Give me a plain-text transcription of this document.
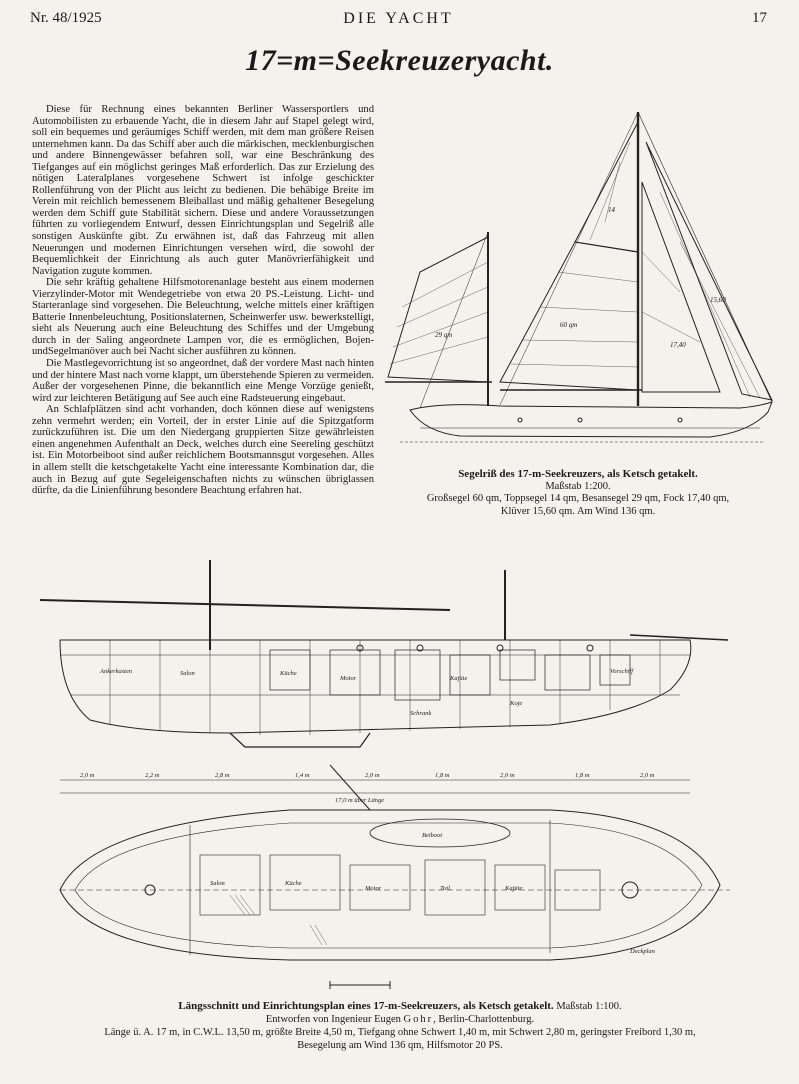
Nr. 48/1925	DIE YACHT	17
17=m=Seekreuzeryacht.

Diese für Rechnung eines bekannten Berliner Wassersportlers und Automobilisten zu erbauende Yacht, die in diesem Jahr auf Stapel gelegt wird, soll ein bequemes und geräumiges Schiff werden, mit dem man größere Reisen unternehmen kann. Da das Schiff aber auch die märkischen, mecklenburgischen und andere Binnengewässer befahren soll, war eine Beschränkung des Tiefganges auf ein möglichst geringes Maß erforderlich. Das zur Erzielung des nötigen Lateralplanes vorgesehene Schwert ist infolge geschickter Rollenführung von der Plicht aus leicht zu bedienen. Die behäbige Breite im Verein mit reichlich bemessenem Bleiballast und mäßig gehaltener Besegelung werden dem Schiff gute Stabilität sichern. Diese und andere Voraussetzungen führten zu vorliegendem Entwurf, dessen Einrichtungsplan und Segelriß alle sonstigen Auskünfte gibt. Zu erwähnen ist, daß das Fahrzeug mit allen Neuerungen und modernen Einrichtungen versehen wird, die sowohl der Bequemlichkeit der Einrichtung als auch guter Manövrierfähigkeit und Navigation zugute kommen.

Die sehr kräftig gehaltene Hilfsmotorenanlage besteht aus einem modernen Vierzylinder-Motor mit Wendegetriebe von etwa 20 PS.-Leistung. Licht- und Starteranlage sind vorgesehen. Die Beleuchtung, welche mittels einer kräftigen Batterie Innenbeleuchtung, Positionslaternen, Scheinwerfer usw. bewerkstelligt, sieht als Neuerung auch eine Beleuchtung des Schiffes und der Umgebung durch in der Saling angeordnete Lampen vor, die es ermöglichen, Bojen- undSegelmanöver auch bei Nacht sicher ausführen zu können.

Die Mastlegevorrichtung ist so angeordnet, daß der vordere Mast nach hinten und der hintere Mast nach vorne klappt, um überstehende Spieren zu vermeiden. Außer der vorgesehenen Pinne, die bekanntlich eine Menge Vorzüge genießt, wird zur leichteren Betätigung auf See auch eine Radsteuerung eingebaut.

An Schlafplätzen sind acht vorhanden, doch können diese auf wenigstens zehn vermehrt werden; ein Vorteil, der in erster Linie auf die Spitzgatform zurückzuführen ist. Die um den Niedergang gruppierten Sitze gewährleisten einen angenehmen Aufenthalt an Deck, welches durch eine Seereling geschützt ist. Ein Motorbeiboot sind außer reichlichem Bootsmannsgut vorgesehen. Alles in allem stellt die ketschgetakelte Yacht eine interessante Kombination dar, die auch in Bezug auf gute Segeleigenschaften nichts zu wünschen übriglassen dürfte, da die Linienführung besondere Beachtung erfahren hat.

29 qm
60 qm
17,40
15,60
14
Segelriß des 17-m-Seekreuzers, als Ketsch getakelt.
Maßstab 1:200.
Großsegel 60 qm, Toppsegel 14 qm, Besansegel 29 qm, Fock 17,40 qm,
Klüver 15,60 qm. Am Wind 136 qm.
Ankerkasten	Salon	Küche
Motor	Kajüte
Vorschiff
Koje
Schrank
2,0 m	2,2 m	2,8 m	1,4 m	2,0 m	1,8 m	2,0 m	1,8 m	2,0 m
17,0 m über Länge
Beiboot
Deckplan
Salon	Küche
Motor	Toil.	Kajüte
Längsschnitt und Einrichtungsplan eines 17-m-Seekreuzers, als Ketsch getakelt. Maßstab 1:100.
Entworfen von Ingenieur Eugen Gohr, Berlin-Charlottenburg.
Länge ü. A. 17 m, in C.W.L. 13,50 m, größte Breite 4,50 m, Tiefgang ohne Schwert 1,40 m, mit Schwert 2,80 m, geringster Freibord 1,30 m,
Besegelung am Wind 136 qm, Hilfsmotor 20 PS.
